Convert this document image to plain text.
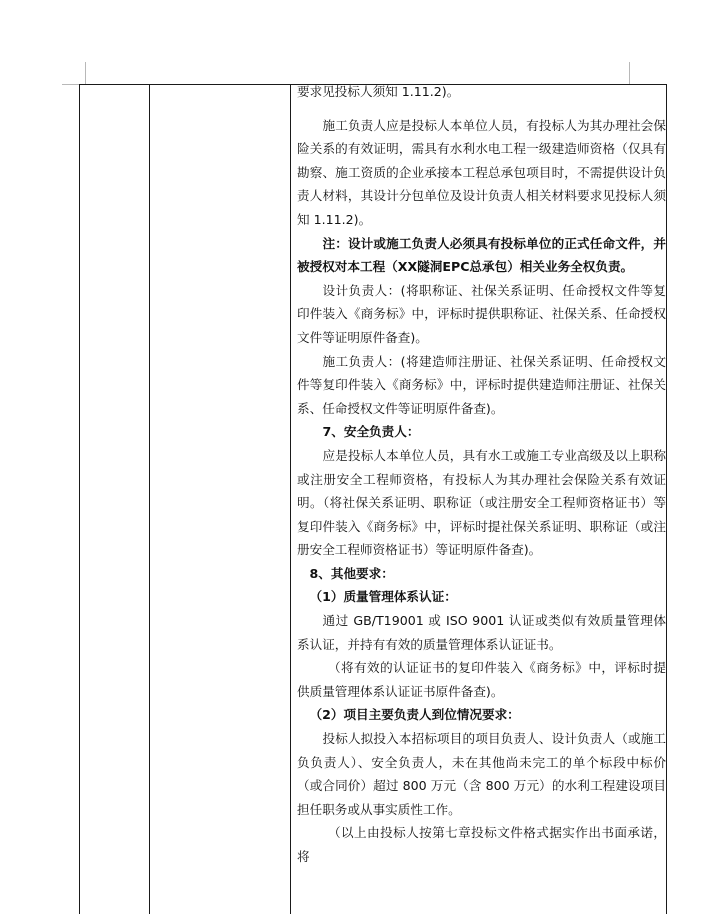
要求见投标人须知 1.11.2)。

施工负责人应是投标人本单位人员，有投标人为其办理社会保险关系的有效证明，需具有水利水电工程一级建造师资格（仅具有勘察、施工资质的企业承接本工程总承包项目时，不需提供设计负责人材料，其设计分包单位及设计负责人相关材料要求见投标人须知 1.11.2)。

注：设计或施工负责人必须具有投标单位的正式任命文件，并被授权对本工程（XX隧洞EPC总承包）相关业务全权负责。

设计负责人：(将职称证、社保关系证明、任命授权文件等复印件装入《商务标》中，评标时提供职称证、社保关系、任命授权文件等证明原件备查)。

施工负责人：(将建造师注册证、社保关系证明、任命授权文件等复印件装入《商务标》中，评标时提供建造师注册证、社保关系、任命授权文件等证明原件备查)。

7、安全负责人：

应是投标人本单位人员，具有水工或施工专业高级及以上职称或注册安全工程师资格，有投标人为其办理社会保险关系有效证明。（将社保关系证明、职称证（或注册安全工程师资格证书）等复印件装入《商务标》中，评标时提社保关系证明、职称证（或注册安全工程师资格证书）等证明原件备查)。

8、其他要求：

（1）质量管理体系认证：

通过 GB/T19001 或 ISO 9001 认证或类似有效质量管理体系认证，并持有有效的质量管理体系认证证书。

（将有效的认证证书的复印件装入《商务标》中，评标时提供质量管理体系认证证书原件备查)。

（2）项目主要负责人到位情况要求：

投标人拟投入本招标项目的项目负责人、设计负责人（或施工负负责人）、安全负责人，未在其他尚未完工的单个标段中标价（或合同价）超过 800 万元（含 800 万元）的水利工程建设项目担任职务或从事实质性工作。

（以上由投标人按第七章投标文件格式据实作出书面承诺，将
